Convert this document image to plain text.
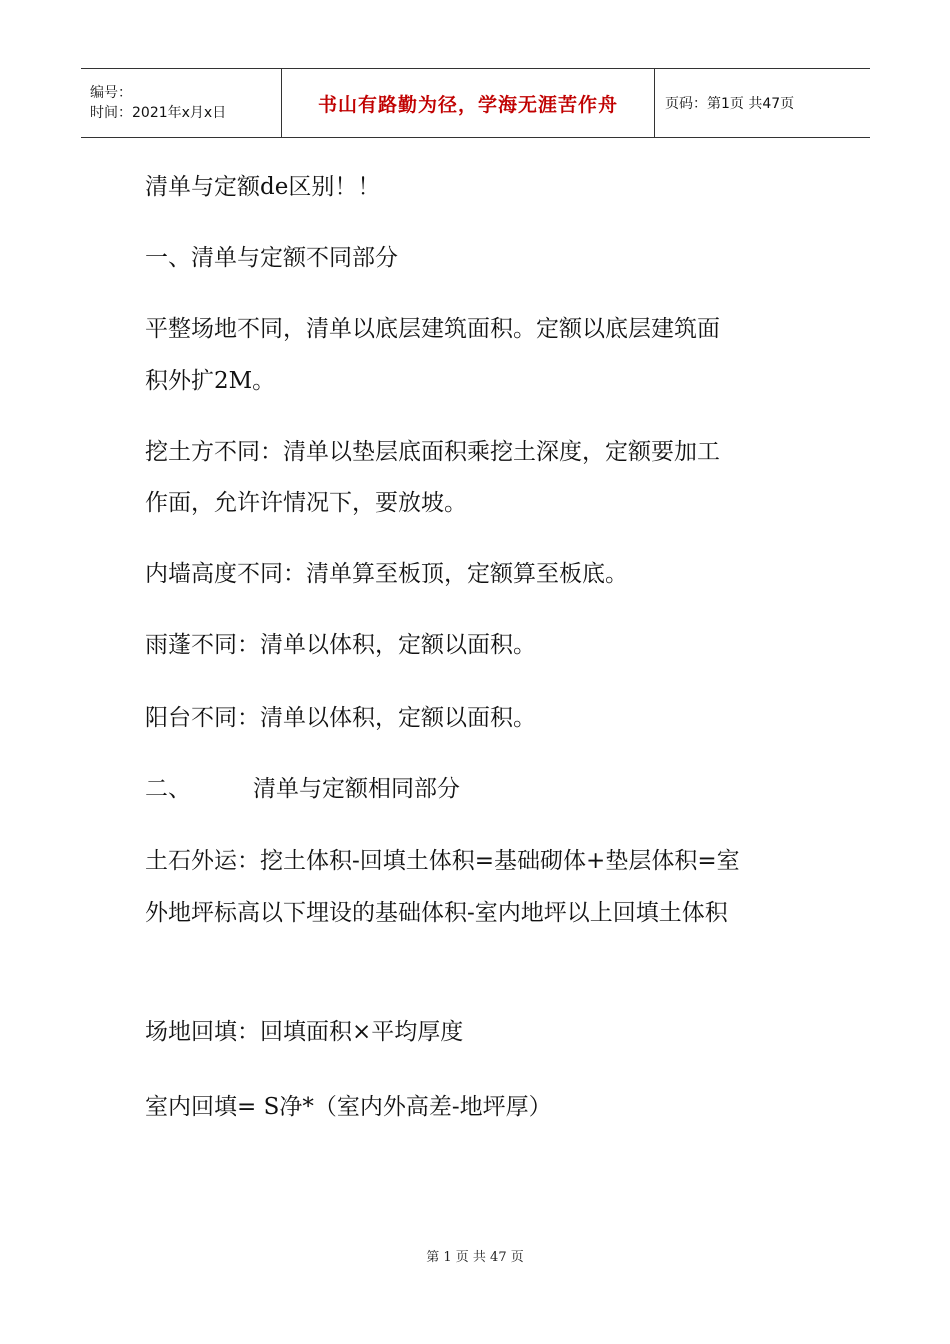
编号：
时间：2021年x月x日	书山有路勤为径，学海无涯苦作舟	页码：第1页 共47页
清单与定额de区别！！
一、清单与定额不同部分
平整场地不同，清单以底层建筑面积。定额以底层建筑面
积外扩2M。
挖土方不同：清单以垫层底面积乘挖土深度，定额要加工
作面，允许许情况下，要放坡。
内墙高度不同：清单算至板顶，定额算至板底。
雨蓬不同：清单以体积，定额以面积。
阳台不同：清单以体积，定额以面积。
二、	清单与定额相同部分
土石外运：挖土体积-回填土体积=基础砌体+垫层体积=室
外地坪标高以下埋设的基础体积-室内地坪以上回填土体积
场地回填：回填面积×平均厚度
室内回填= S净*（室内外高差-地坪厚）
第 1 页 共 47 页
